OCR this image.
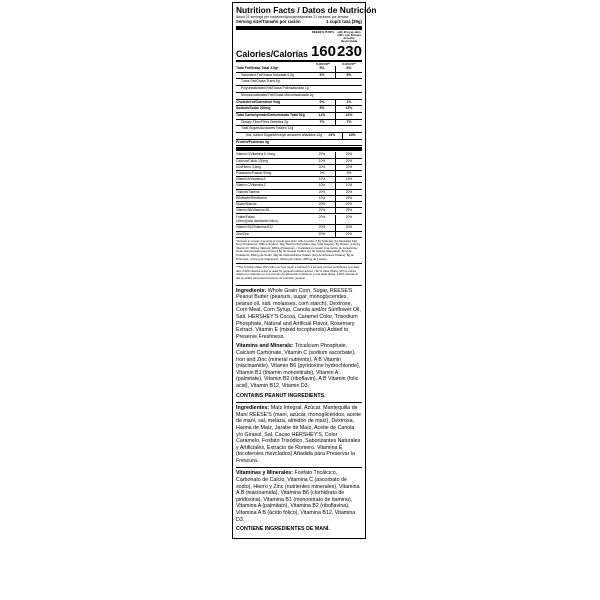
Nutrition Facts / Datos de Nutrición
About 21 servings per container/Aproximadamente 21 raciones por envase
Serving size/Tamaño por ración	1 cup/1 taza (39g)
REESE'S PUFFS	with 3/4 cup skim milk / con 3/4 taza de leche descremada
Calories/Calorías 160 230
% DV/VD**	% DV/VD**
Total Fat/Grasa Total 4.5g*	5%	6%
Saturated Fat/Grasa Saturada 0.5g	4%	5%
Trans Fat/Grasa Trans 0g
Polyunsaturated Fat/Grasa Poliinsaturada 1g
Monounsaturated Fat/Grasa Monoinsaturada 2g
Cholesterol/Colesterol 0mg	0%	1%
Sodium/Sodio 220mg	9%	12%
Total Carbohydrate/Carbohidrato Total 30g	11%	14%
Dietary Fiber/Fibra Dietética 2g	7%	7%
Total Sugars/Azúcares Totales 12g
Incl. Added Sugars/Incluye azúcares añadidos 12g	24%	24%
Protein/Proteínas 3g
Vitamin D/Vitamina D 4mcg	20%	20%
Calcium/Calcio 130mg	10%	20%
Iron/Hierro 3.6mg	20%	20%
Potassium/Potasio 90mg	2%	8%
Vitamin A/Vitamina A	10%	15%
Vitamin C/Vitamina C	10%	10%
Thiamin/Tiamina	20%	20%
Riboflavin/Riboflavina	10%	25%
Niacin/Niacina	20%	20%
Vitamin B6/Vitamina B6	20%	25%
Folate/Folato
(40mcg folic acid/ácido fólico)
20%	20%
Vitamin B12/Vitamina B12	20%	30%
Zinc/Zinc	20%	20%
*Amount in cereal. A serving of cereal plus skim milk provides 4.5g Total Fat (1g Saturated Fat), 5mg Cholesterol, 290mg Sodium, 39g Total Carbohydrate (22g Total Sugars), 8g Protein, 4.2mcg Vitamin D, 300mg Calcium, 280mg Potassium. / Cantidad en cereal. Una ración de cereal más leche descremada proporciona 4.5g de Grasas Totales (1g de Grasas Saturadas), 5mg de Colesterol, 290mg de Sodio, 39g de Carbohidratos Totales (22g de Azúcares Totales), 8g de Proteínas, 4.2mcg de Vitamina D, 300mg de Calcio, 280mg de Potasio.
**The % Daily Value (DV) tells you how much a nutrient in a serving of food contributes to a daily diet. 2,000 calories a day is used for general nutrition advice. / El % Valor Diario (VD) le indica cuánto un nutriente en una porción de alimentos contribuye a una dieta diaria. 2,000 calorías al día se utiliza para asesoramiento de nutrición general.

Ingredients: Whole Grain Corn, Sugar, REESE'S Peanut Butter (peanuts, sugar, monoglycerides, peanut oil, salt, molasses, corn starch), Dextrose, Corn Meal, Corn Syrup, Canola and/or Sunflower Oil, Salt, HERSHEY'S Cocoa, Caramel Color, Trisodium Phosphate, Natural and Artificial Flavor, Rosemary Extract. Vitamin E (mixed tocopherols) Added to Preserve Freshness.

Vitamins and Minerals: Tricalcium Phosphate, Calcium Carbonate, Vitamin C (sodium ascorbate), Iron and Zinc (mineral nutrients), A B Vitamin (niacinamide), Vitamin B6 (pyridoxine hydrochloride), Vitamin B1 (thiamin mononitrate), Vitamin A (palmitate), Vitamin B2 (riboflavin), A B Vitamin (folic acid), Vitamin B12, Vitamin D3.

CONTAINS PEANUT INGREDIENTS.

Ingredientes: Maíz Integral, Azúcar, Mantequilla de Maní REESE'S (maní, azúcar, monoglicéridos, aceite de maní, sal, melaza, almidón de maíz), Dextrosa, Harina de Maíz, Jarabe de Maíz, Aceite de Canola y/o Girasol, Sal, Cacao HERSHEY'S, Color Caramelo, Fosfato Trisódico, Saborizantes Naturales y Artificiales, Extracto de Romero. Vitamina E (tocoferoles mezclados) Añadida para Preservar la Frescura.

Vitaminas y Minerales: Fosfato Tricálcico, Carbonato de Calcio, Vitamina C (ascorbato de sodio), Hierro y Zinc (nutrientes minerales), Vitamina A B (niacinamida), Vitamina B6 (clorhidrato de piridoxina), Vitamina B1 (mononitrato de tiamina), Vitamina A (palmitato), Vitamina B2 (riboflavina), Vitamina A B (ácido fólico), Vitamina B12, Vitamina D3.

CONTIENE INGREDIENTES DE MANÍ.
